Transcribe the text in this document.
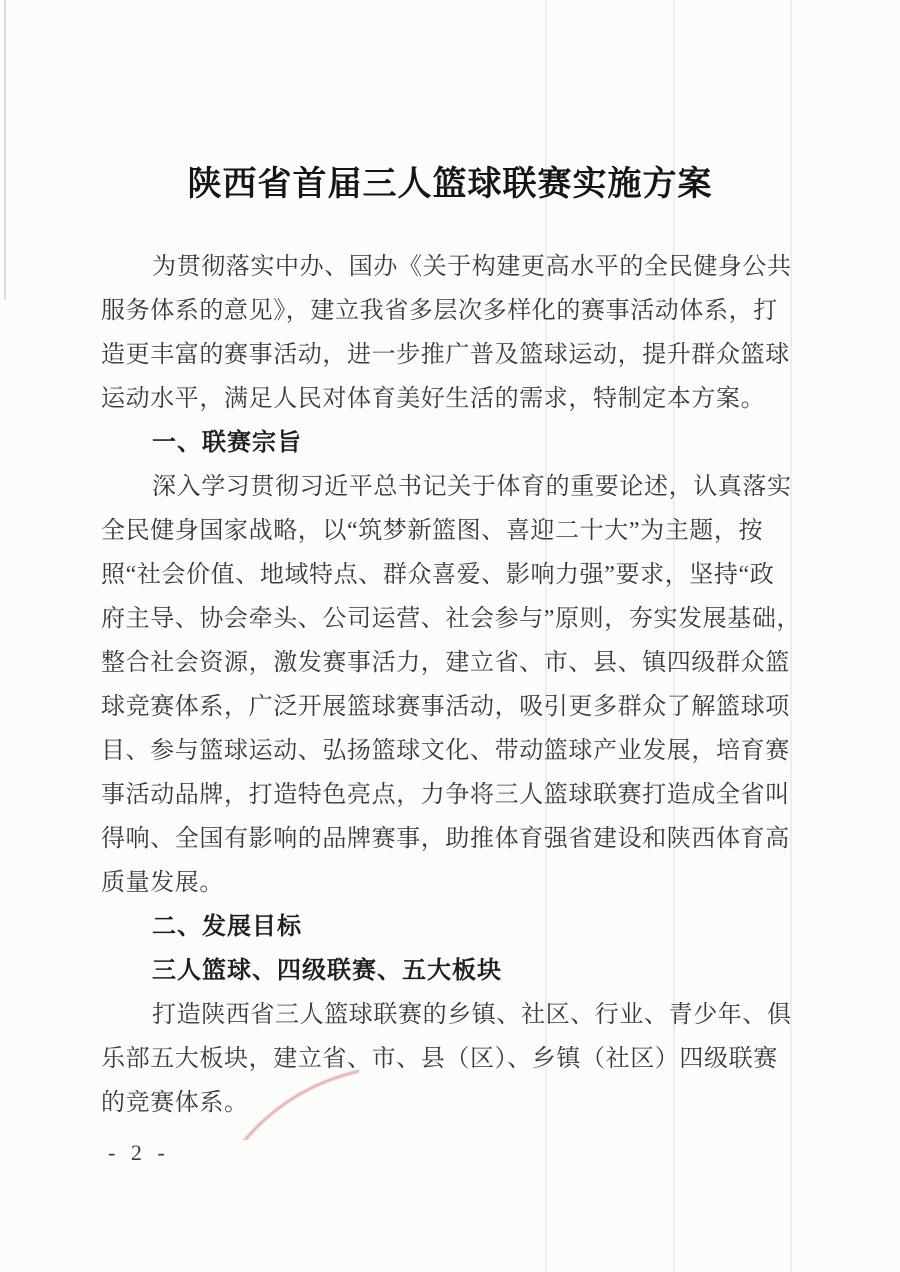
陕西省首届三人篮球联赛实施方案
为贯彻落实中办、国办《关于构建更高水平的全民健身公共
服务体系的意见》，建立我省多层次多样化的赛事活动体系，打
造更丰富的赛事活动，进一步推广普及篮球运动，提升群众篮球
运动水平，满足人民对体育美好生活的需求，特制定本方案。
一、联赛宗旨
深入学习贯彻习近平总书记关于体育的重要论述，认真落实
全民健身国家战略，以“筑梦新篮图、喜迎二十大”为主题，按
照“社会价值、地域特点、群众喜爱、影响力强”要求，坚持“政
府主导、协会牵头、公司运营、社会参与”原则，夯实发展基础，
整合社会资源，激发赛事活力，建立省、市、县、镇四级群众篮
球竞赛体系，广泛开展篮球赛事活动，吸引更多群众了解篮球项
目、参与篮球运动、弘扬篮球文化、带动篮球产业发展，培育赛
事活动品牌，打造特色亮点，力争将三人篮球联赛打造成全省叫
得响、全国有影响的品牌赛事，助推体育强省建设和陕西体育高
质量发展。
二、发展目标
三人篮球、四级联赛、五大板块
打造陕西省三人篮球联赛的乡镇、社区、行业、青少年、俱
乐部五大板块，建立省、市、县（区）、乡镇（社区）四级联赛
的竞赛体系。
- 2 -
